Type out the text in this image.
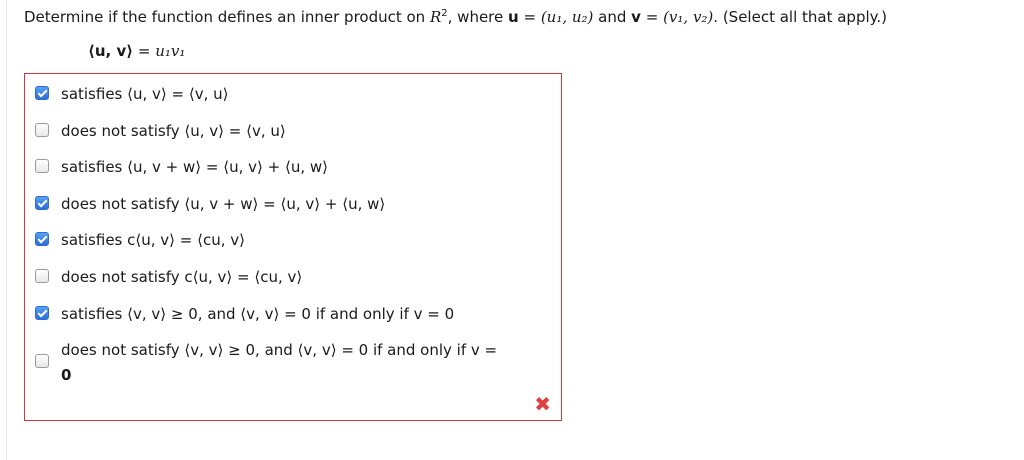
Determine if the function defines an inner product on $R^2$, where u = (u₁, u₂) and v = (v₁, v₂). (Select all that apply.)
⟨u, v⟩ = u₁v₁
satisfies ⟨u, v⟩ = ⟨v, u⟩
does not satisfy ⟨u, v⟩ = ⟨v, u⟩
satisfies ⟨u, v + w⟩ = ⟨u, v⟩ + ⟨u, w⟩
does not satisfy ⟨u, v + w⟩ = ⟨u, v⟩ + ⟨u, w⟩
satisfies c⟨u, v⟩ = ⟨cu, v⟩
does not satisfy c⟨u, v⟩ = ⟨cu, v⟩
satisfies ⟨v, v⟩ ≥ 0, and ⟨v, v⟩ = 0 if and only if v = 0
does not satisfy ⟨v, v⟩ ≥ 0, and ⟨v, v⟩ = 0 if and only if v =
0
✖
